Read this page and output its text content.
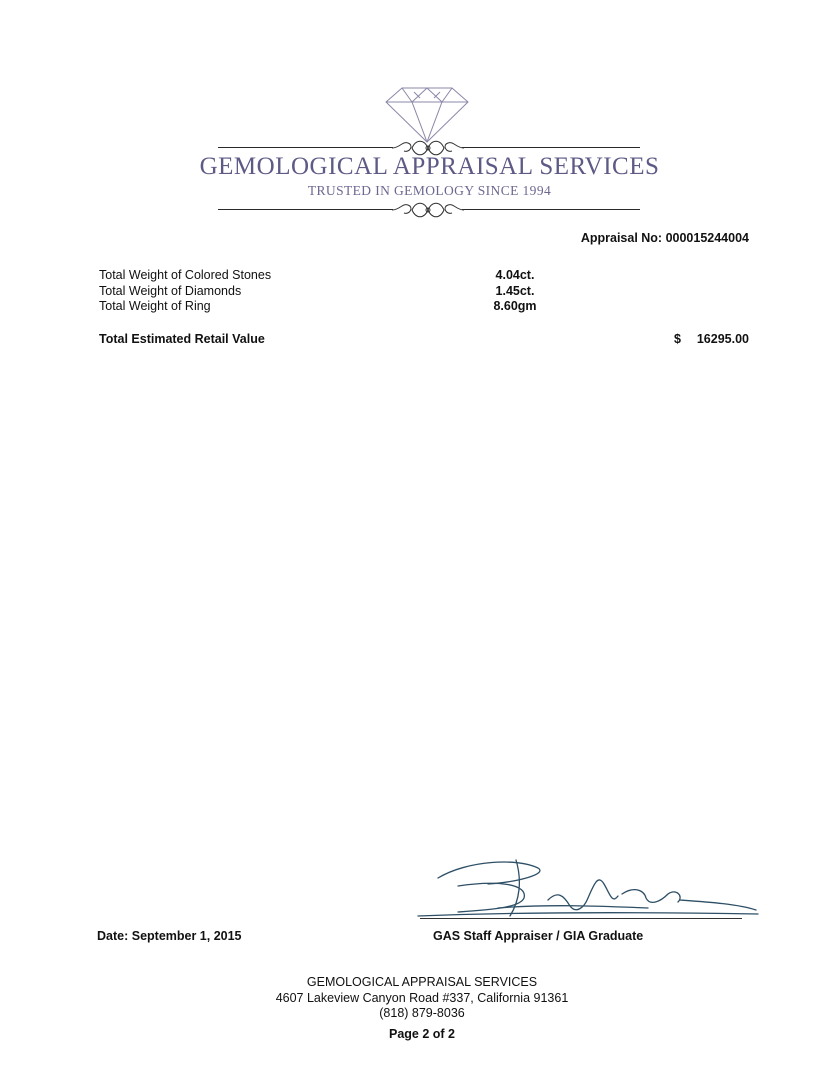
GEMOLOGICAL APPRAISAL SERVICES
TRUSTED IN GEMOLOGY SINCE 1994
Appraisal No: 000015244004
Total Weight of Colored Stones	4.04ct.
Total Weight of Diamonds	1.45ct.
Total Weight of Ring	8.60gm
Total Estimated Retail Value	$ 16295.00
Date: September 1, 2015	GAS Staff Appraiser / GIA Graduate
GEMOLOGICAL APPRAISAL SERVICES
4607 Lakeview Canyon Road #337, California 91361
(818) 879-8036
Page 2 of 2
